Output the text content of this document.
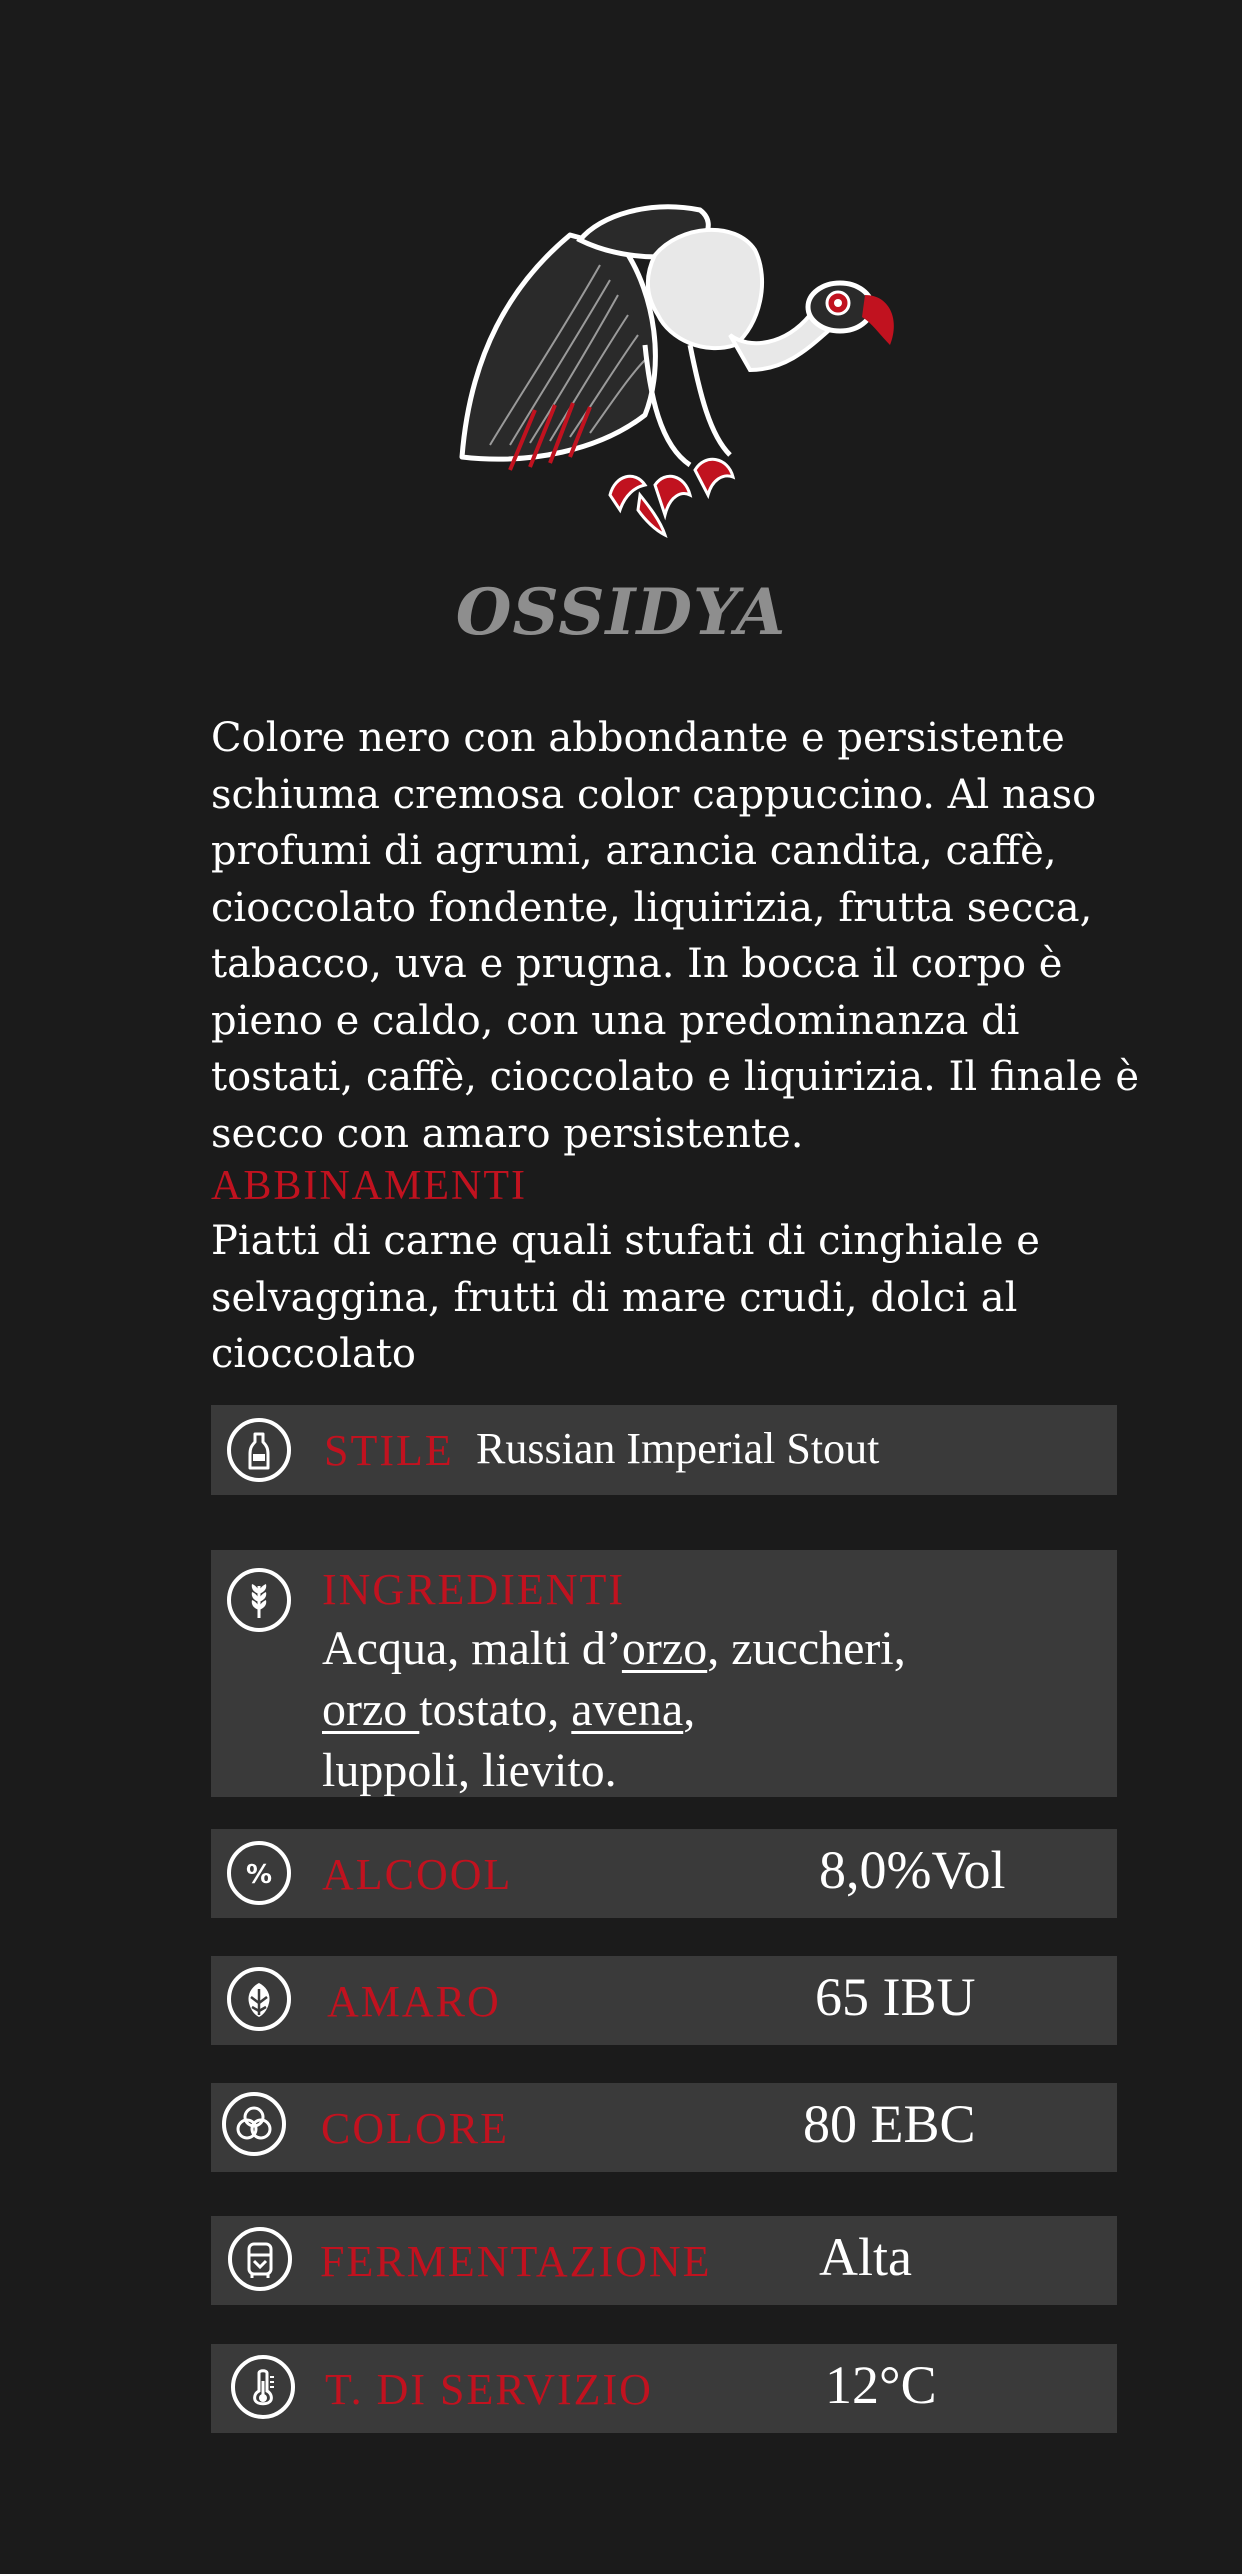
OSSIDYA
Colore nero con abbondante e persistente schiuma cremosa color cappuccino. Al naso profumi di agrumi, arancia candita, caffè, cioccolato fondente, liquirizia, frutta secca, tabacco, uva e prugna. In bocca il corpo è pieno e caldo, con una predominanza di tostati, caffè, cioccolato e liquirizia. Il finale è secco con amaro persistente.
ABBINAMENTI
Piatti di carne quali stufati di cinghiale e selvaggina, frutti di mare crudi, dolci al cioccolato
STILE Russian Imperial Stout
INGREDIENTI
Acqua, malti d’orzo, zuccheri,
orzo tostato, avena,
luppoli, lievito.
% ALCOOL	8,0%Vol
AMARO	65 IBU
COLORE	80 EBC
FERMENTAZIONE Alta
T. DI SERVIZIO	12°C
